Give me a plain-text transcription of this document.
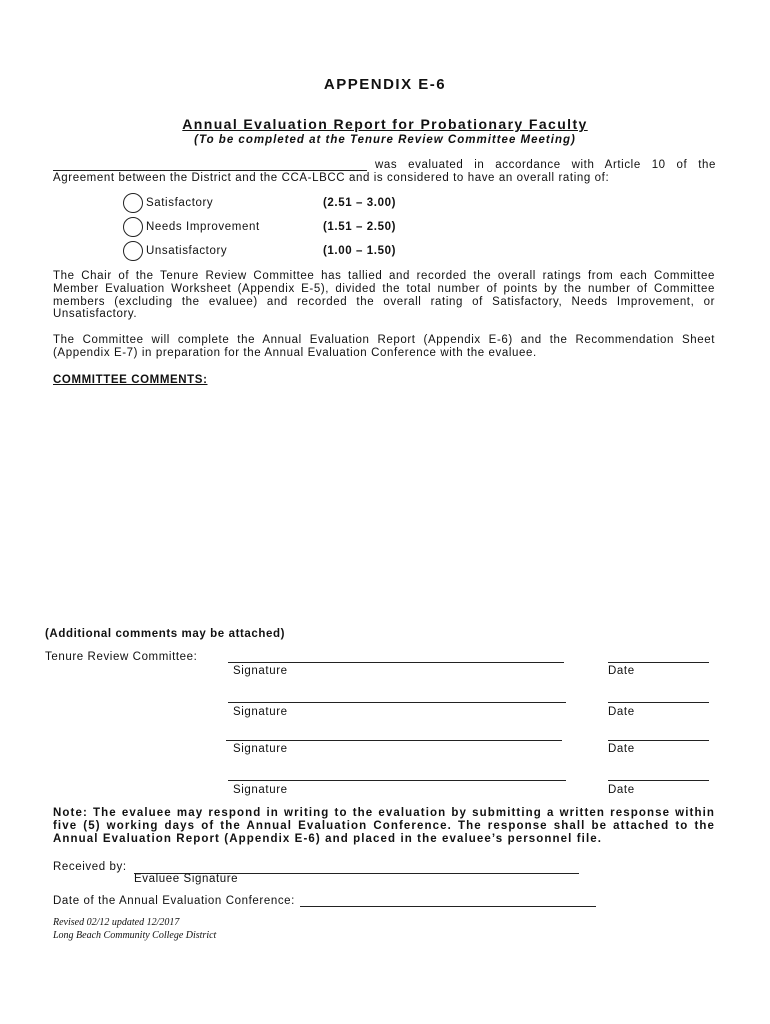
APPENDIX E-6
Annual Evaluation Report for Probationary Faculty
(To be completed at the Tenure Review Committee Meeting)
was evaluated in accordance with Article 10 of the
Agreement between the District and the CCA-LBCC and is considered to have an overall rating of:
Satisfactory	(2.51 – 3.00)
Needs Improvement	(1.51 – 2.50)
Unsatisfactory	(1.00 – 1.50)
The Chair of the Tenure Review Committee has tallied and recorded the overall ratings from each Committee Member Evaluation Worksheet (Appendix E-5), divided the total number of points by the number of Committee members (excluding the evaluee) and recorded the overall rating of Satisfactory, Needs Improvement, or Unsatisfactory.
The Committee will complete the Annual Evaluation Report (Appendix E-6) and the Recommendation Sheet (Appendix E-7) in preparation for the Annual Evaluation Conference with the evaluee.
COMMITTEE COMMENTS:
(Additional comments may be attached)
Tenure Review Committee:
Signature	Date
Signature	Date
Signature	Date
Signature	Date
Note: The evaluee may respond in writing to the evaluation by submitting a written response within five (5) working days of the Annual Evaluation Conference. The response shall be attached to the Annual Evaluation Report (Appendix E-6) and placed in the evaluee’s personnel file.
Received by:
Evaluee Signature
Date of the Annual Evaluation Conference:
Revised 02/12 updated 12/2017
Long Beach Community College District
